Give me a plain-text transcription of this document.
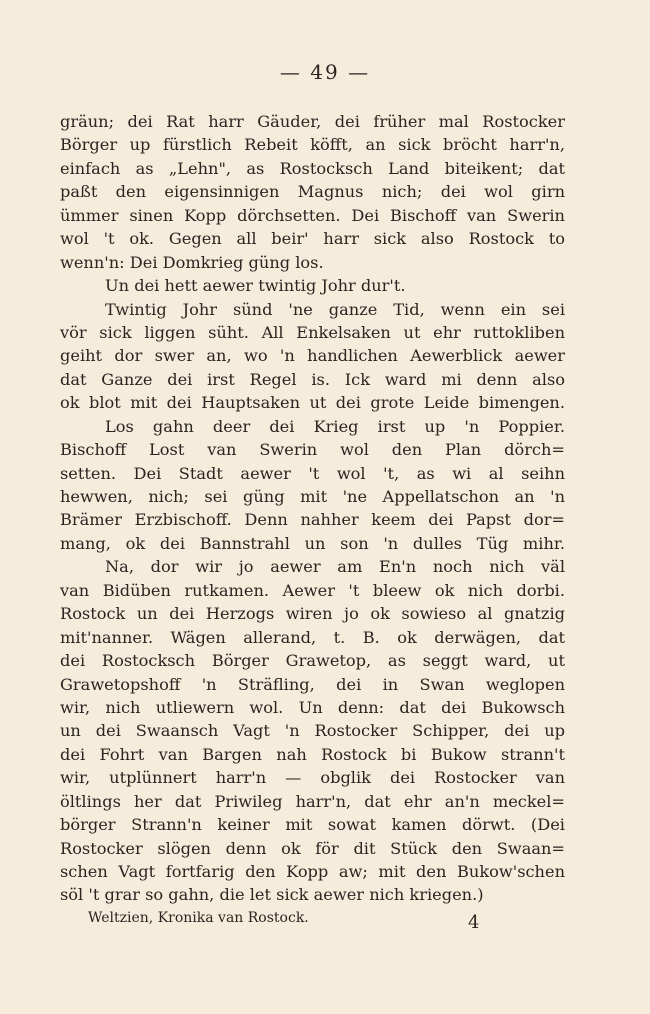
— 49 —
gräun; dei Rat harr Gäuder, dei früher mal Rostocker
Börger up fürstlich Rebeit köfft, an sick bröcht harr'n,
einfach as „Lehn", as Rostocksch Land biteikent; dat
paßt den eigensinnigen Magnus nich; dei wol girn
ümmer sinen Kopp dörchsetten. Dei Bischoff van Swerin
wol 't ok. Gegen all beir' harr sick also Rostock to
wenn'n: Dei Domkrieg güng los.
Un dei hett aewer twintig Johr dur't.
Twintig Johr sünd 'ne ganze Tid, wenn ein sei
vör sick liggen süht. All Enkelsaken ut ehr ruttokliben
geiht dor swer an, wo 'n handlichen Aewerblick aewer
dat Ganze dei irst Regel is. Ick ward mi denn also
ok blot mit dei Hauptsaken ut dei grote Leide bimengen.
Los gahn deer dei Krieg irst up 'n Poppier.
Bischoff Lost van Swerin wol den Plan dörch=
setten. Dei Stadt aewer 't wol 't, as wi al seihn
hewwen, nich; sei güng mit 'ne Appellatschon an 'n
Brämer Erzbischoff. Denn nahher keem dei Papst dor=
mang, ok dei Bannstrahl un son 'n dulles Tüg mihr.
Na, dor wir jo aewer am En'n noch nich väl
van Bidüben rutkamen. Aewer 't bleew ok nich dorbi.
Rostock un dei Herzogs wiren jo ok sowieso al gnatzig
mit'nanner. Wägen allerand, t. B. ok derwägen, dat
dei Rostocksch Börger Grawetop, as seggt ward, ut
Grawetopshoff 'n Sträfling, dei in Swan weglopen
wir, nich utliewern wol. Un denn: dat dei Bukowsch
un dei Swaansch Vagt 'n Rostocker Schipper, dei up
dei Fohrt van Bargen nah Rostock bi Bukow strann't
wir, utplünnert harr'n — obglik dei Rostocker van
öltlings her dat Priwileg harr'n, dat ehr an'n meckel=
börger Strann'n keiner mit sowat kamen dörwt. (Dei
Rostocker slögen denn ok för dit Stück den Swaan=
schen Vagt fortfarig den Kopp aw; mit den Bukow'schen
söl 't grar so gahn, die let sick aewer nich kriegen.)
Weltzien, Kronika van Rostock.	4
